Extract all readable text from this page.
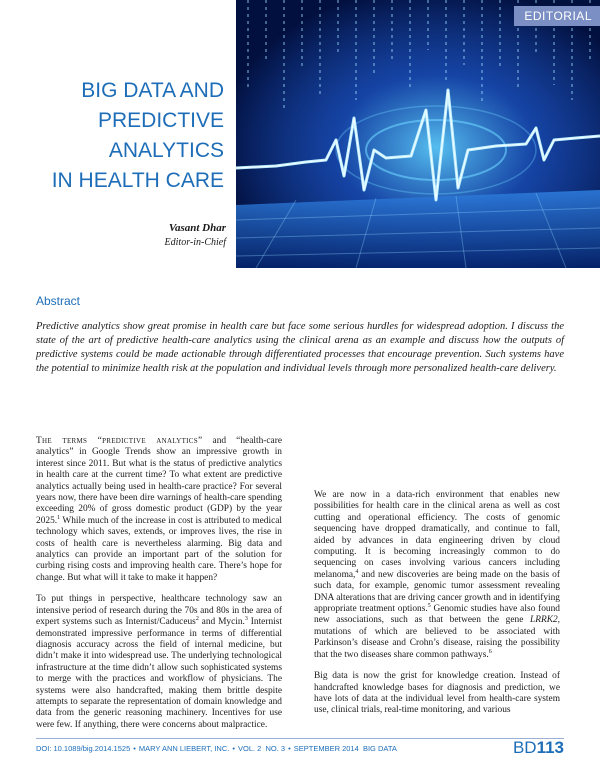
EDITORIAL
BIG DATA AND
PREDICTIVE
ANALYTICS
IN HEALTH CARE
Vasant Dhar
Editor-in-Chief
Abstract
Predictive analytics show great promise in health care but face some serious hurdles for widespread adoption. I discuss the state of the art of predictive health-care analytics using the clinical arena as an example and discuss how the outputs of predictive systems could be made actionable through differentiated processes that encourage prevention. Such systems have the potential to minimize health risk at the population and individual levels through more personalized health-care delivery.

The terms “predictive analytics” and “health-care analytics” in Google Trends show an impressive growth in interest since 2011. But what is the status of predictive analytics in health care at the current time? To what extent are predictive analytics actually being used in health-care practice? For several years now, there have been dire warnings of health-care spending exceeding 20% of gross domestic product (GDP) by the year 2025.$^1$ While much of the increase in cost is attributed to medical technology which saves, extends, or improves lives, the rise in costs of health care is nevertheless alarming. Big data and analytics can provide an important part of the solution for curbing rising costs and improving health care. There’s hope for change. But what will it take to make it happen?

To put things in perspective, healthcare technology saw an intensive period of research during the 70s and 80s in the area of expert systems such as Internist/Caduceus$^2$ and Mycin.$^3$ Internist demonstrated impressive performance in terms of differential diagnosis accuracy across the field of internal medicine, but didn’t make it into widespread use. The underlying technological infrastructure at the time didn’t allow such sophisticated systems to merge with the practices and workflow of physicians. The systems were also handcrafted, making them brittle despite attempts to separate the representation of domain knowledge and data from the generic reasoning machinery. Incentives for use were few. If anything, there were concerns about malpractice.

We are now in a data-rich environment that enables new possibilities for health care in the clinical arena as well as cost cutting and operational efficiency. The costs of genomic sequencing have dropped dramatically, and continue to fall, aided by advances in data engineering driven by cloud computing. It is becoming increasingly common to do sequencing on cases involving various cancers including melanoma,$^4$ and new discoveries are being made on the basis of such data, for example, genomic tumor assessment revealing DNA alterations that are driving cancer growth and in identifying appropriate treatment options.$^5$ Genomic studies have also found new associations, such as that between the gene LRRK2, mutations of which are believed to be associated with Parkinson’s disease and Crohn’s disease, raising the possibility that the two diseases share common pathways.$^6$

Big data is now the grist for knowledge creation. Instead of handcrafted knowledge bases for diagnosis and prediction, we have lots of data at the individual level from health-care system use, clinical trials, real-time monitoring, and various

DOI: 10.1089/big.2014.1525 • MARY ANN LIEBERT, INC. • VOL. 2 NO. 3 • SEPTEMBER 2014 BIG DATA	BD113
